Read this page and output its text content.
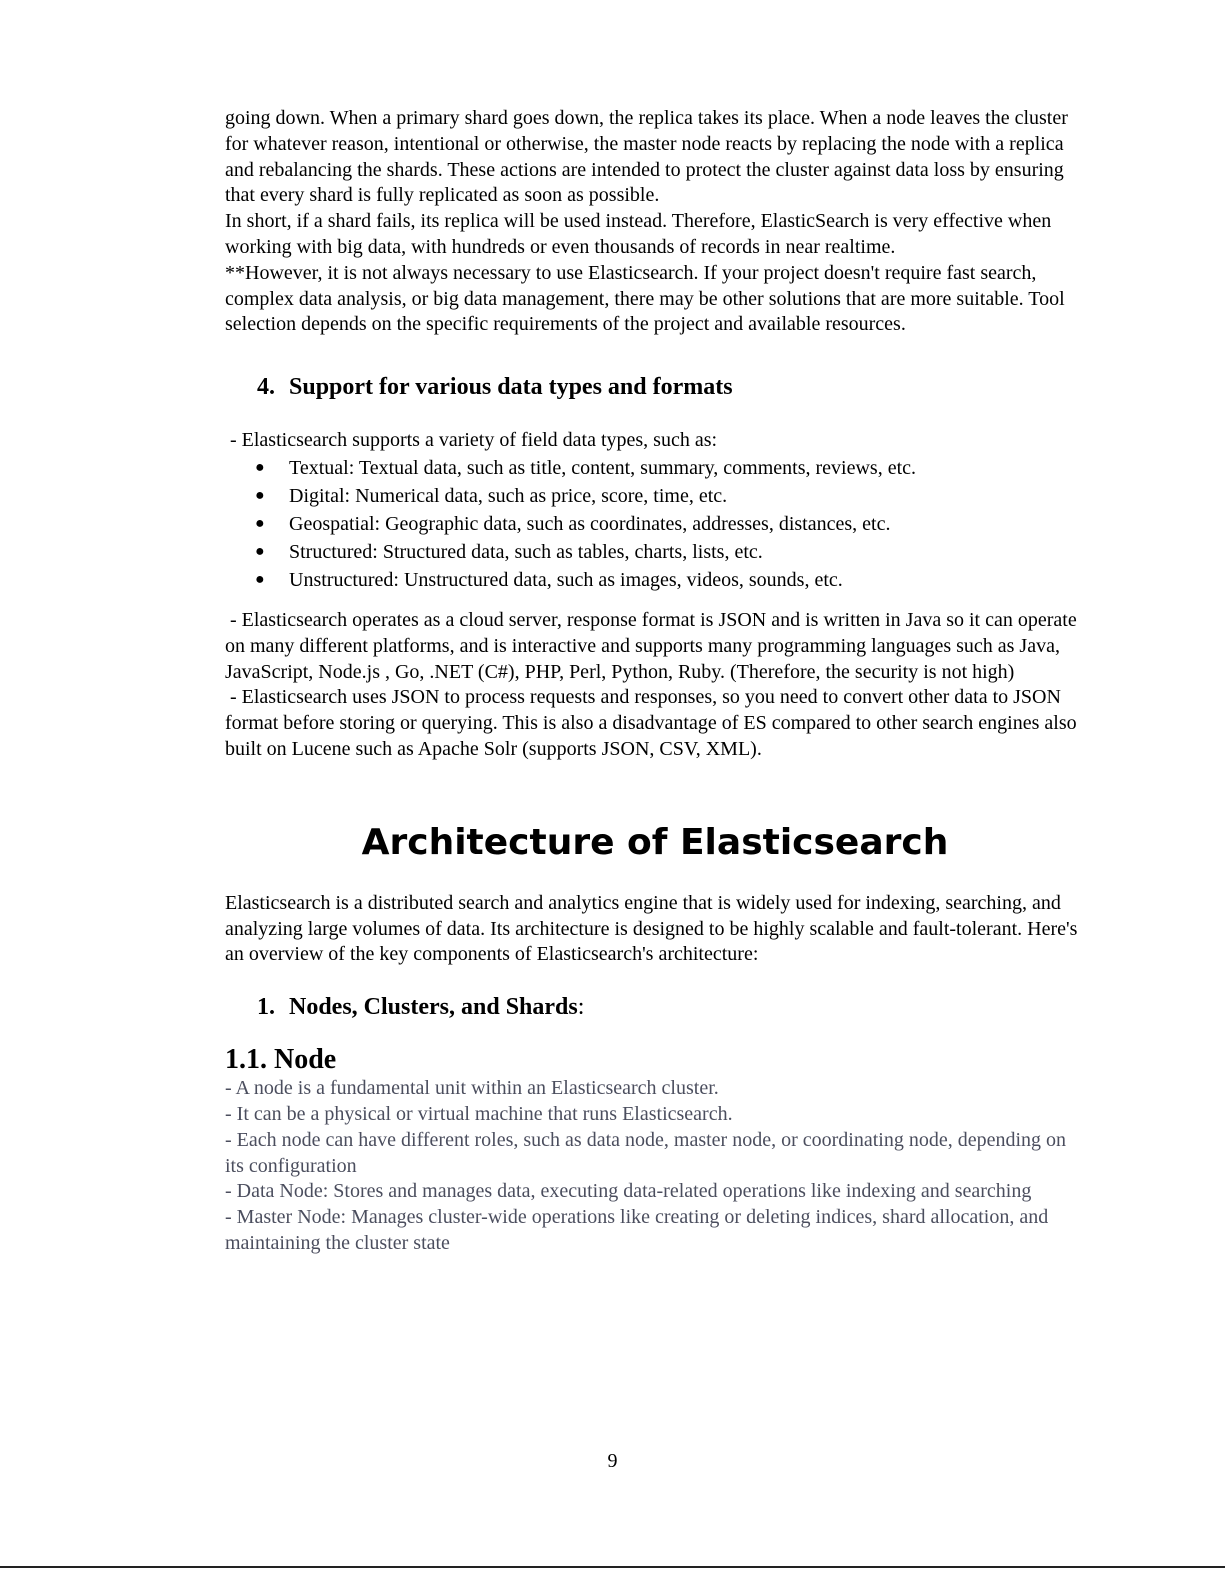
going down. When a primary shard goes down, the replica takes its place. When a node leaves the cluster for whatever reason, intentional or otherwise, the master node reacts by replacing the node with a replica and rebalancing the shards. These actions are intended to protect the cluster against data loss by ensuring that every shard is fully replicated as soon as possible.

In short, if a shard fails, its replica will be used instead. Therefore, ElasticSearch is very effective when working with big data, with hundreds or even thousands of records in near realtime.

**However, it is not always necessary to use Elasticsearch. If your project doesn't require fast search, complex data analysis, or big data management, there may be other solutions that are more suitable. Tool selection depends on the specific requirements of the project and available resources.

4. Support for various data types and formats

- Elasticsearch supports a variety of field data types, such as:

● Textual: Textual data, such as title, content, summary, comments, reviews, etc.
● Digital: Numerical data, such as price, score, time, etc.
● Geospatial: Geographic data, such as coordinates, addresses, distances, etc.
● Structured: Structured data, such as tables, charts, lists, etc.
● Unstructured: Unstructured data, such as images, videos, sounds, etc.

- Elasticsearch operates as a cloud server, response format is JSON and is written in Java so it can operate on many different platforms, and is interactive and supports many programming languages such as Java, JavaScript, Node.js , Go, .NET (C#), PHP, Perl, Python, Ruby. (Therefore, the security is not high)

- Elasticsearch uses JSON to process requests and responses, so you need to convert other data to JSON format before storing or querying. This is also a disadvantage of ES compared to other search engines also built on Lucene such as Apache Solr (supports JSON, CSV, XML).

Architecture of Elasticsearch

Elasticsearch is a distributed search and analytics engine that is widely used for indexing, searching, and analyzing large volumes of data. Its architecture is designed to be highly scalable and fault-tolerant. Here's an overview of the key components of Elasticsearch's architecture:

1. Nodes, Clusters, and Shards:
1.1. Node

- A node is a fundamental unit within an Elasticsearch cluster.

- It can be a physical or virtual machine that runs Elasticsearch.

- Each node can have different roles, such as data node, master node, or coordinating node, depending on its configuration

- Data Node: Stores and manages data, executing data-related operations like indexing and searching

- Master Node: Manages cluster-wide operations like creating or deleting indices, shard allocation, and maintaining the cluster state

9
